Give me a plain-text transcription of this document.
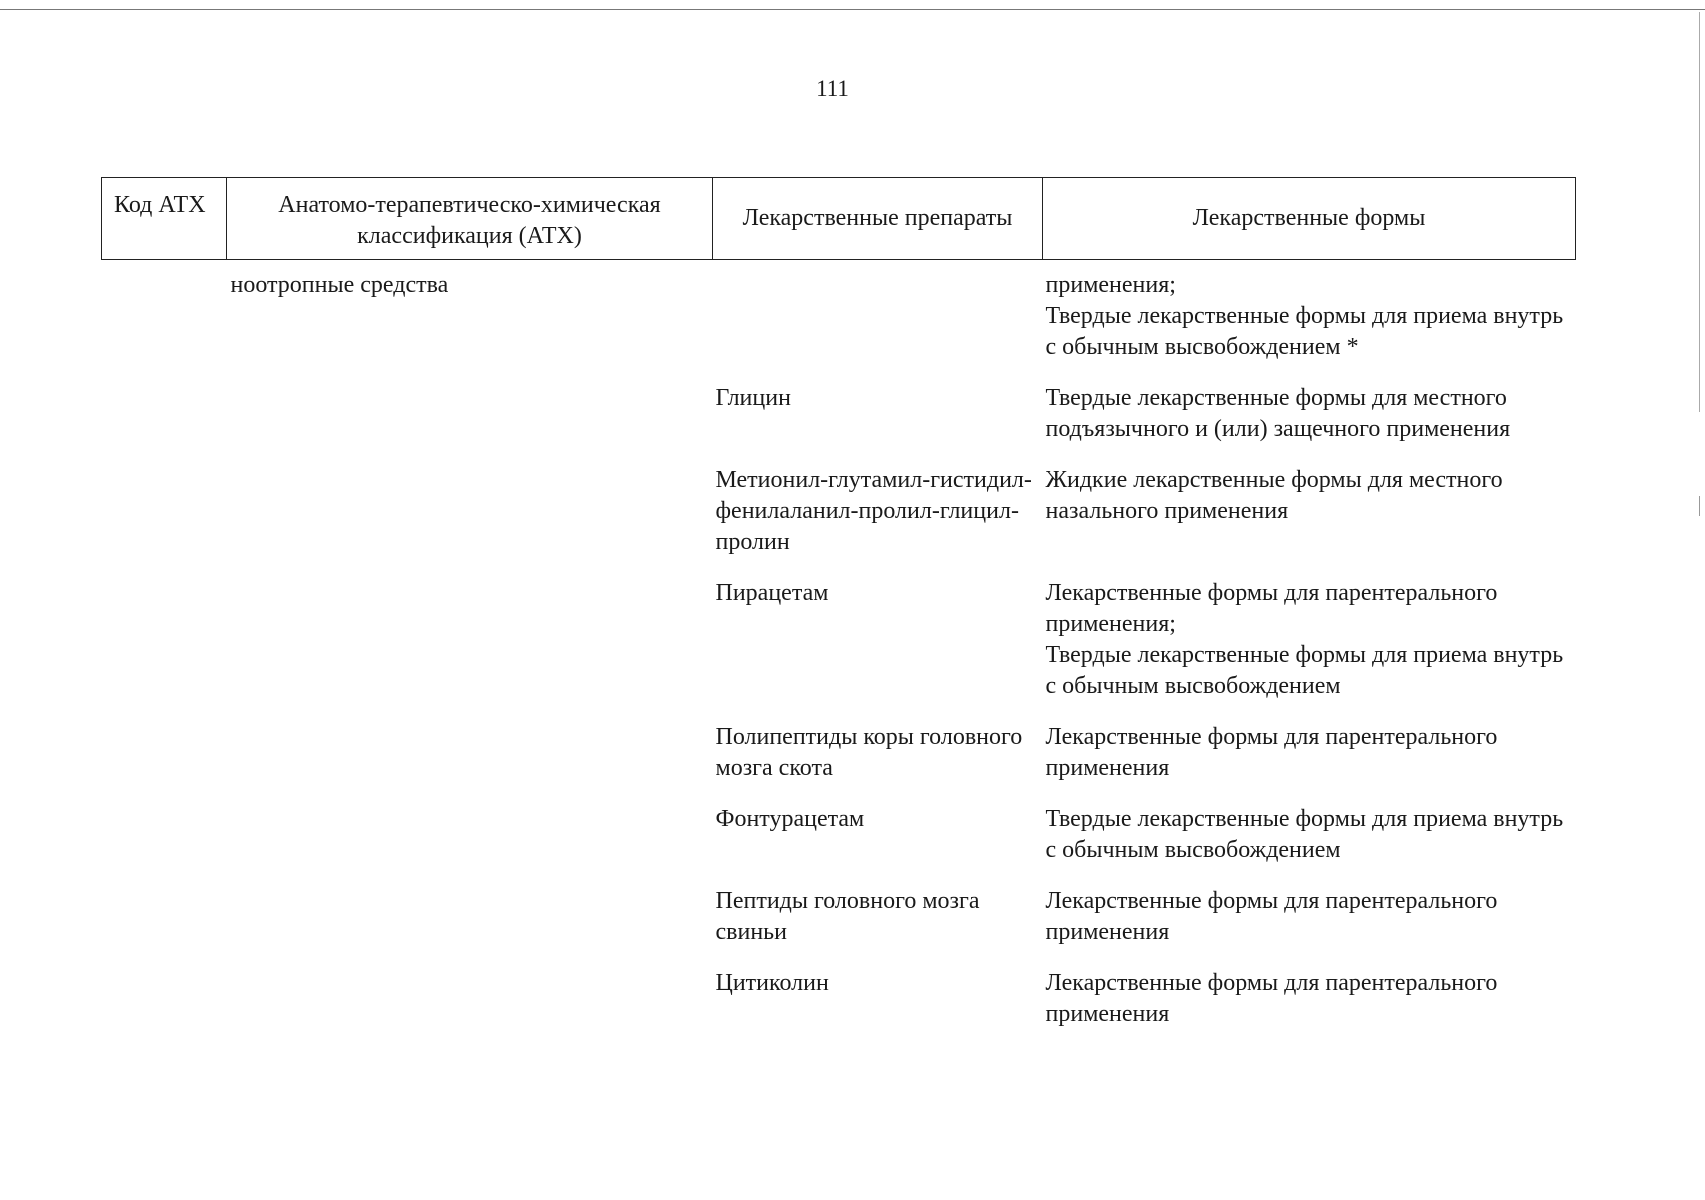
111
Код АТХ	Анатомо-терапевтическо-химическая классификация (АТХ)	Лекарственные препараты	Лекарственные формы
	ноотропные средства		применения;
Твердые лекарственные формы для приема внутрь с обычным высвобождением *

		Глицин	Твердые лекарственные формы для местного подъязычного и (или) защечного применения

		Метионил-глутамил-гистидил-фенилаланил-пролил-глицил-пролин	Жидкие лекарственные формы для местного назального применения

		Пирацетам	Лекарственные формы для парентерального применения;
Твердые лекарственные формы для приема внутрь с обычным высвобождением

		Полипептиды коры головного мозга скота	Лекарственные формы для парентерального применения

		Фонтурацетам	Твердые лекарственные формы для приема внутрь с обычным высвобождением

		Пептиды головного мозга свиньи	Лекарственные формы для парентерального применения

		Цитиколин	Лекарственные формы для парентерального применения
